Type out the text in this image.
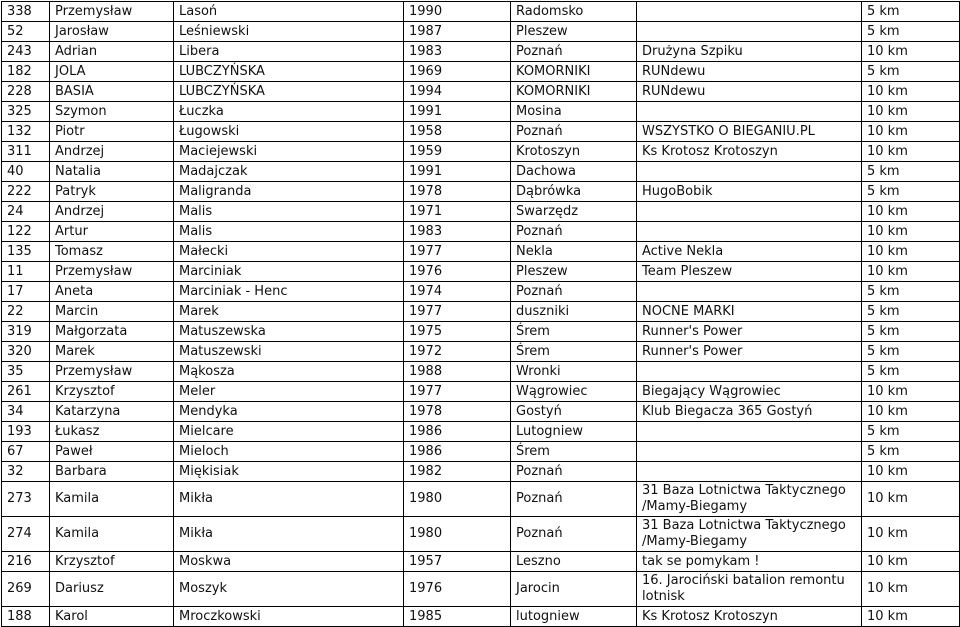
338	Przemysław	Lasoń	1990	Radomsko		5 km
52	Jarosław	Leśniewski	1987	Pleszew		5 km
243	Adrian	Libera	1983	Poznań	Drużyna Szpiku	10 km
182	JOLA	LUBCZYŃSKA	1969	KOMORNIKI	RUNdewu	5 km
228	BASIA	LUBCZYŃSKA	1994	KOMORNIKI	RUNdewu	10 km
325	Szymon	Łuczka	1991	Mosina		10 km
132	Piotr	Ługowski	1958	Poznań	WSZYSTKO O BIEGANIU.PL	10 km
311	Andrzej	Maciejewski	1959	Krotoszyn	Ks Krotosz Krotoszyn	10 km
40	Natalia	Madajczak	1991	Dachowa		5 km
222	Patryk	Maligranda	1978	Dąbrówka	HugoBobik	5 km
24	Andrzej	Malis	1971	Swarzędz		10 km
122	Artur	Malis	1983	Poznań		10 km
135	Tomasz	Małecki	1977	Nekla	Active Nekla	10 km
11	Przemysław	Marciniak	1976	Pleszew	Team Pleszew	10 km
17	Aneta	Marciniak - Henc	1974	Poznań		5 km
22	Marcin	Marek	1977	duszniki	NOCNE MARKI	5 km
319	Małgorzata	Matuszewska	1975	Śrem	Runner's Power	5 km
320	Marek	Matuszewski	1972	Śrem	Runner's Power	5 km
35	Przemysław	Mąkosza	1988	Wronki		5 km
261	Krzysztof	Meler	1977	Wągrowiec	Biegający Wągrowiec	10 km
34	Katarzyna	Mendyka	1978	Gostyń	Klub Biegacza 365 Gostyń	10 km
193	Łukasz	Mielcare	1986	Lutogniew		5 km
67	Paweł	Mieloch	1986	Śrem		5 km
32	Barbara	Miękisiak	1982	Poznań		10 km
273	Kamila	Mikła	1980	Poznań	31 Baza Lotnictwa Taktycznego /Mamy-Biegamy	10 km
274	Kamila	Mikła	1980	Poznań	31 Baza Lotnictwa Taktycznego /Mamy-Biegamy	10 km
216	Krzysztof	Moskwa	1957	Leszno	tak se pomykam !	10 km
269	Dariusz	Moszyk	1976	Jarocin	16. Jarociński batalion remontu lotnisk	10 km
188	Karol	Mroczkowski	1985	lutogniew	Ks Krotosz Krotoszyn	10 km
